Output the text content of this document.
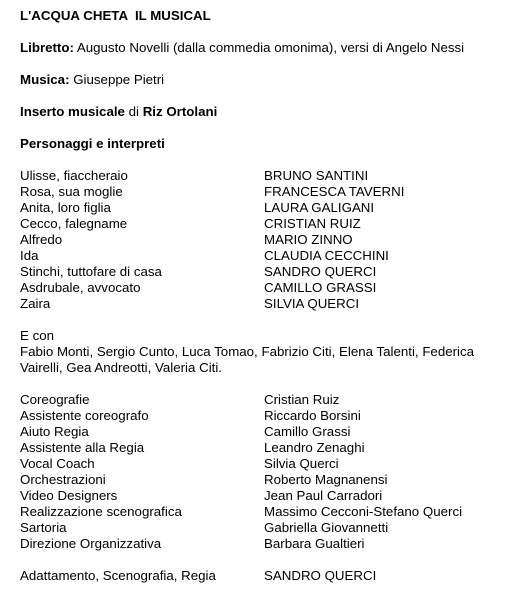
L'ACQUA CHETA  IL MUSICAL
Libretto: Augusto Novelli (dalla commedia omonima), versi di Angelo Nessi
Musica: Giuseppe Pietri
Inserto musicale di Riz Ortolani
Personaggi e interpreti
Ulisse, fiaccheraio	BRUNO SANTINI
Rosa, sua moglie	FRANCESCA TAVERNI
Anita, loro figlia	LAURA GALIGANI
Cecco, falegname	CRISTIAN RUIZ
Alfredo	MARIO ZINNO
Ida	CLAUDIA CECCHINI
Stinchi, tuttofare di casa	SANDRO QUERCI
Asdrubale, avvocato	CAMILLO GRASSI
Zaira	SILVIA QUERCI
E con
Fabio Monti, Sergio Cunto, Luca Tomao, Fabrizio Citi, Elena Talenti, Federica Vairelli, Gea Andreotti, Valeria Citi.
Coreografie	Cristian Ruiz
Assistente coreografo	Riccardo Borsini
Aiuto Regia	Camillo Grassi
Assistente alla Regia	Leandro Zenaghi
Vocal Coach	Silvia Querci
Orchestrazioni	Roberto Magnanensi
Video Designers	Jean Paul Carradori
Realizzazione scenografica	Massimo Cecconi-Stefano Querci
Sartoria	Gabriella Giovannetti
Direzione Organizzativa	Barbara Gualtieri
Adattamento, Scenografia, Regia	SANDRO QUERCI
